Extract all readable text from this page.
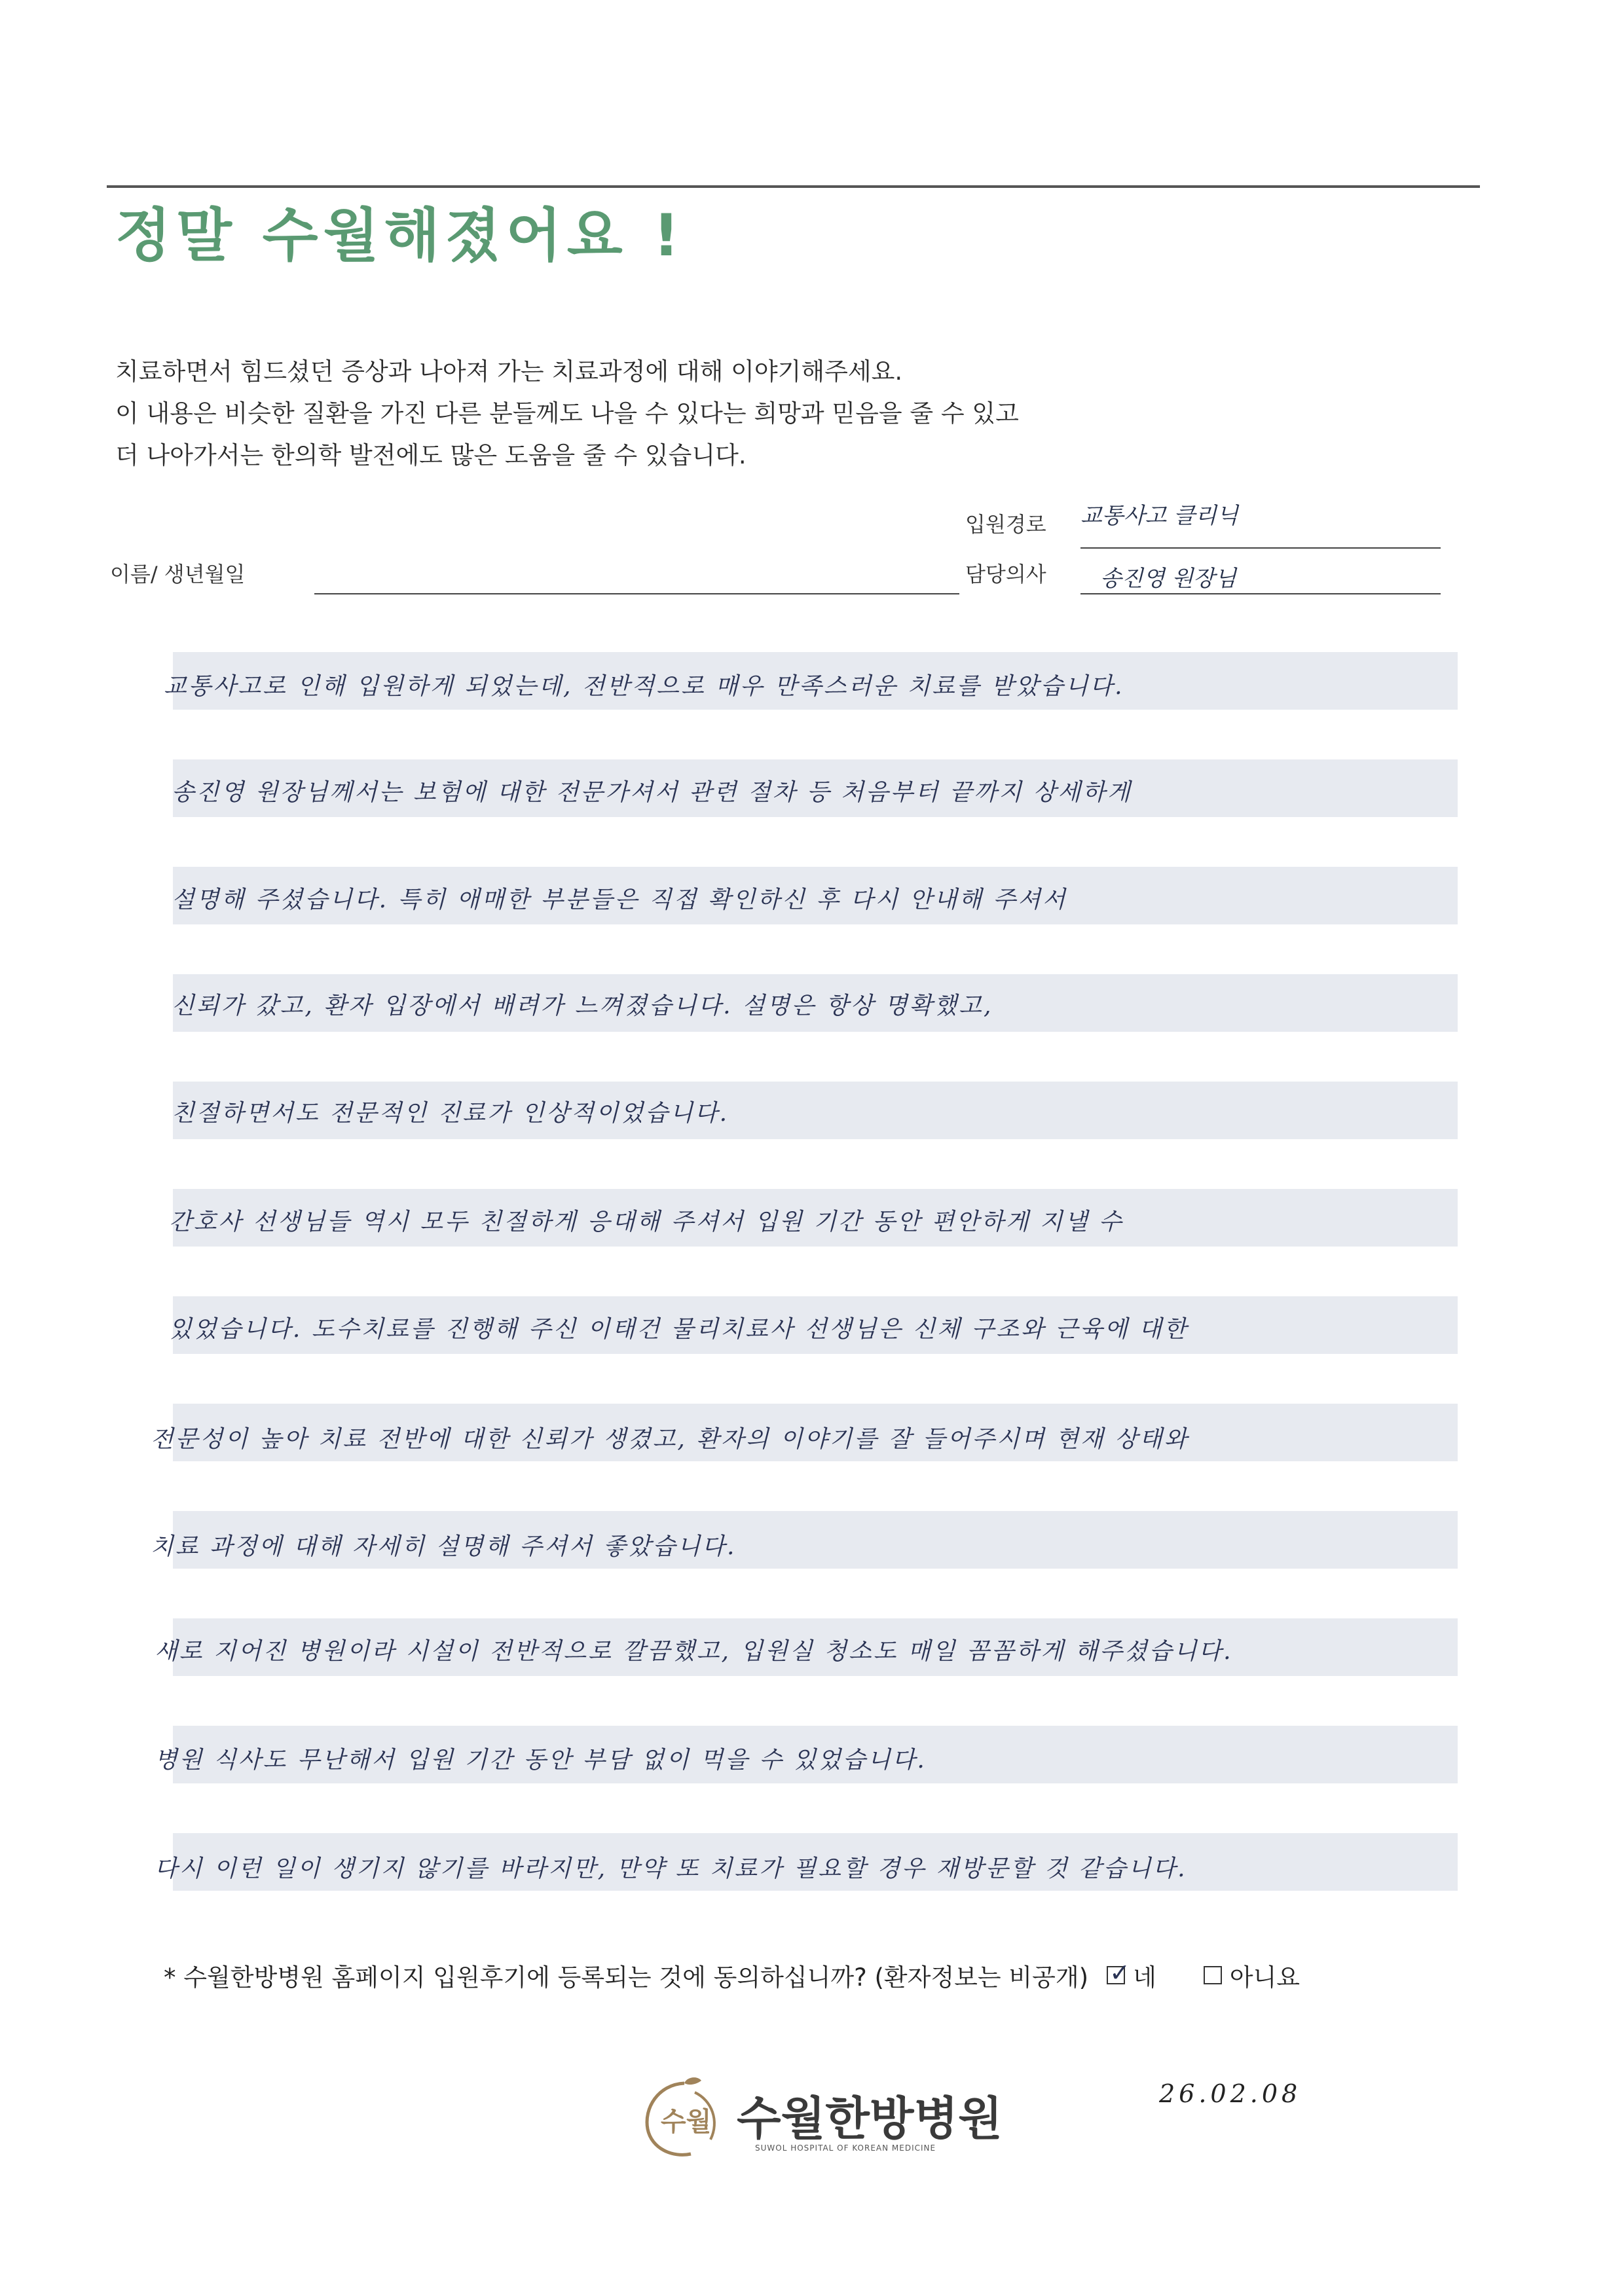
정말 수월해졌어요 !
치료하면서 힘드셨던 증상과 나아져 가는 치료과정에 대해 이야기해주세요.
이 내용은 비슷한 질환을 가진 다른 분들께도 나을 수 있다는 희망과 믿음을 줄 수 있고
더 나아가서는 한의학 발전에도 많은 도움을 줄 수 있습니다.
입원경로 교통사고 클리닉
이름/ 생년월일	담당의사 송진영 원장님
교통사고로 인해 입원하게 되었는데, 전반적으로 매우 만족스러운 치료를 받았습니다.
송진영 원장님께서는 보험에 대한 전문가셔서 관련 절차 등 처음부터 끝까지 상세하게
설명해 주셨습니다. 특히 애매한 부분들은 직접 확인하신 후 다시 안내해 주셔서
신뢰가 갔고, 환자 입장에서 배려가 느껴졌습니다. 설명은 항상 명확했고,
친절하면서도 전문적인 진료가 인상적이었습니다.
간호사 선생님들 역시 모두 친절하게 응대해 주셔서 입원 기간 동안 편안하게 지낼 수
있었습니다. 도수치료를 진행해 주신 이태건 물리치료사 선생님은 신체 구조와 근육에 대한
전문성이 높아 치료 전반에 대한 신뢰가 생겼고, 환자의 이야기를 잘 들어주시며 현재 상태와
치료 과정에 대해 자세히 설명해 주셔서 좋았습니다.
새로 지어진 병원이라 시설이 전반적으로 깔끔했고, 입원실 청소도 매일 꼼꼼하게 해주셨습니다.
병원 식사도 무난해서 입원 기간 동안 부담 없이 먹을 수 있었습니다.
다시 이런 일이 생기지 않기를 바라지만, 만약 또 치료가 필요할 경우 재방문할 것 같습니다.
* 수월한방병원 홈페이지 입원후기에 등록되는 것에 동의하십니까? (환자정보는 비공개)
✓ 네	아니요
수월 수월한방병원
SUWOL HOSPITAL OF KOREAN MEDICINE
26.02.08
